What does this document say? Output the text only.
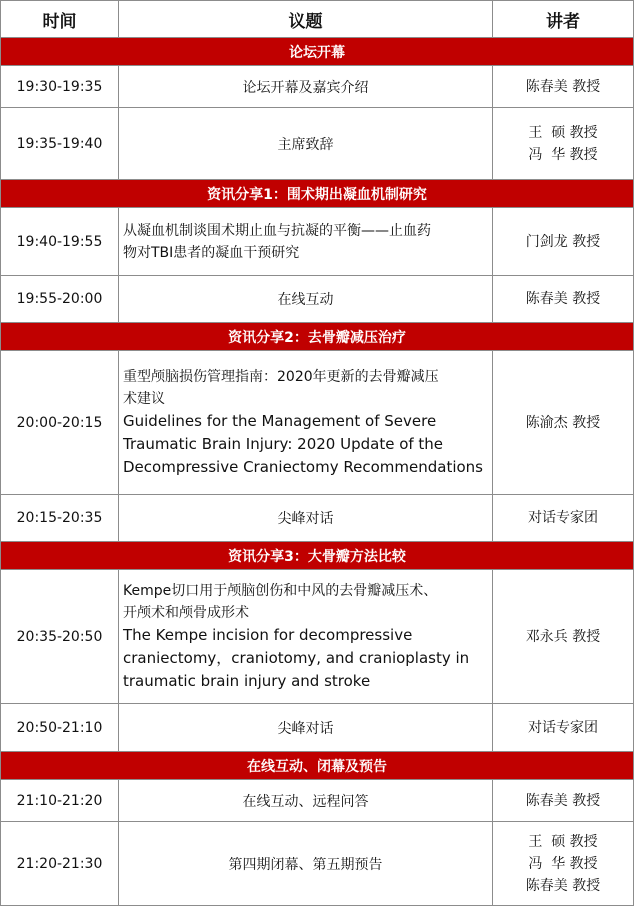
时间	议题	讲者
论坛开幕		
19:30-19:35	论坛开幕及嘉宾介绍	陈春美 教授

19:35-19:40	主席致辞	王  硕 教授
冯  华 教授

资讯分享1：围术期出凝血机制研究		
19:40-19:55	从凝血机制谈围术期止血与抗凝的平衡——止血药
物对TBI患者的凝血干预研究	门剑龙 教授

19:55-20:00	在线互动	陈春美 教授

资讯分享2：去骨瓣减压治疗		
20:00-20:15	重型颅脑损伤管理指南：2020年更新的去骨瓣减压
术建议
Guidelines for the Management of Severe
Traumatic Brain Injury: 2020 Update of the
Decompressive Craniectomy Recommendations	陈渝杰 教授

20:15-20:35	尖峰对话	对话专家团

资讯分享3：大骨瓣方法比较		
20:35-20:50	Kempe切口用于颅脑创伤和中风的去骨瓣减压术、
开颅术和颅骨成形术
The Kempe incision for decompressive
craniectomy，craniotomy, and cranioplasty in
traumatic brain injury and stroke	邓永兵 教授

20:50-21:10	尖峰对话	对话专家团

在线互动、闭幕及预告		
21:10-21:20	在线互动、远程问答	陈春美 教授

21:20-21:30	第四期闭幕、第五期预告	王  硕 教授
冯  华 教授
陈春美 教授
